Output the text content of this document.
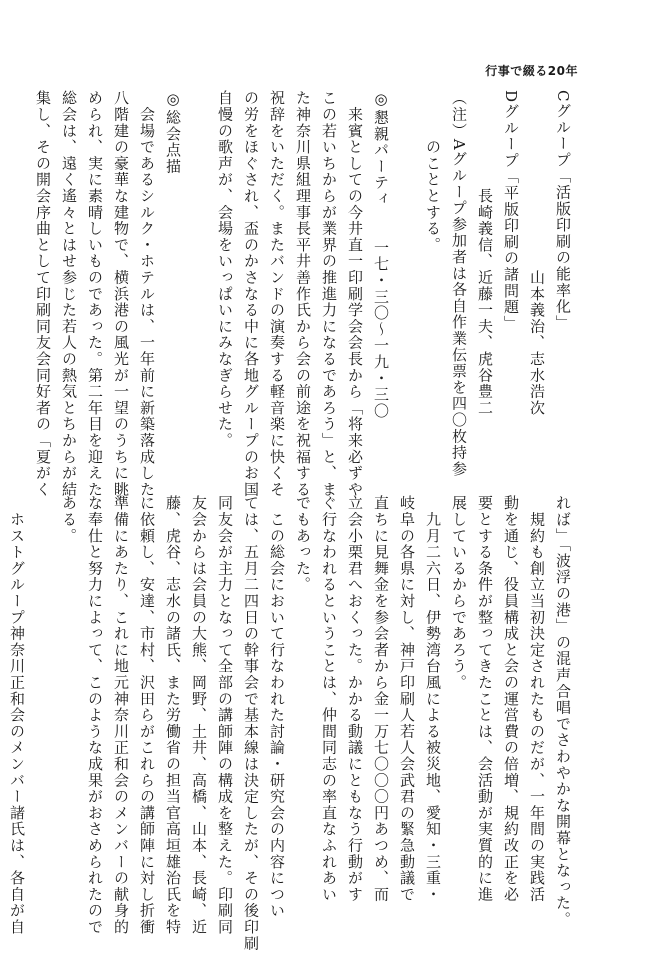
行事で綴る20年
Cグループ「活版印刷の能率化」
　　　　　　　　　　　山本義治、志水浩次
Dグループ「平版印刷の諸問題」
　　　　　　長崎義信、近藤一夫、虎谷豊二
（注）Aグループ参加者は各自作業伝票を四〇枚持参
　　　のこととする。

◎懇親パーティ　　一七・三〇〜一九・三〇
　来賓としての今井直一印刷学会会長から「将来必ずや
この若いちからが業界の推進力になるであろう」と、ま
た神奈川県組理事長平井善作氏から会の前途を祝福する
祝辞をいただく。またバンドの演奏する軽音楽に快くそ
の労をほぐされ、盃のかさなる中に各地グループのお国
自慢の歌声が、会場をいっぱいにみなぎらせた。

◎総会点描
　会場であるシルク・ホテルは、一年前に新築落成した
八階建の豪華な建物で、横浜港の風光が一望のうちに眺
められ、実に素晴しいものであった。第二年目を迎えた
総会は、遠く遙々とはせ参じた若人の熱気とちからが結
集し、その開会序曲として印刷同友会同好者の「夏がく
れば」「波浮の港」の混声合唱でさわやかな開幕となった。
　規約も創立当初決定されたものだが、一年間の実践活
動を通じ、役員構成と会の運営費の倍増、規約改正を必
要とする条件が整ってきたことは、会活動が実質的に進
展しているからであろう。
　九月二六日、伊勢湾台風による被災地、愛知・三重・
岐阜の各県に対し、神戸印刷人若人会武君の緊急動議で
直ちに見舞金を参会者から金一万七〇〇〇円あつめ、而
立会小栗君へおくった。かかる動議にともなう行動がす
ぐ行なわれるということは、仲間同志の率直なふれあい
でもあった。
　この総会において行なわれた討論・研究会の内容につい
ては、五月二四日の幹事会で基本線は決定したが、その後印刷
同友会が主力となって全部の講師陣の構成を整えた。印刷同
友会からは会員の大熊、岡野、土井、高橋、山本、長崎、近
藤、虎谷、志水の諸氏、また労働省の担当官高垣雄治氏を特
に依頼し、安達、市村、沢田らがこれらの講師陣に対し折衝
準備にあたり、これに地元神奈川正和会のメンバーの献身的
な奉仕と努力によって、このような成果がおさめられたので
ある。

　ホストグループ神奈川正和会のメンバー諸氏は、各自が自
